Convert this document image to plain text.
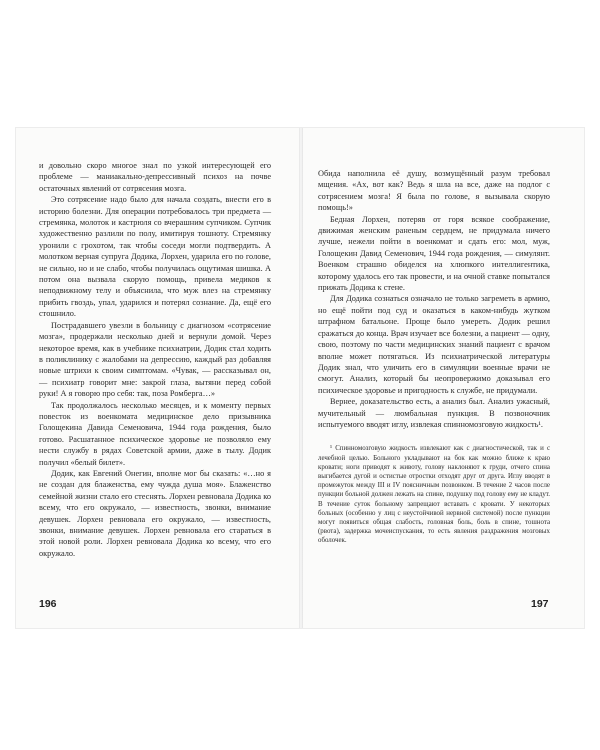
и довольно скоро многое знал по узкой интересующей его проблеме — маниакально-депрессивный психоз на почве остаточных явлений от сотрясения мозга.

Это сотрясение надо было для начала создать, внести его в историю болезни. Для операции потребовалось три предмета — стремянка, молоток и кастрюля со вчерашним супчиком. Супчик художественно разлили по полу, имитируя тошноту. Стремянку уронили с грохотом, так чтобы соседи могли подтвердить. А молотком верная супруга Додика, Лорхен, ударила его по голове, не сильно, но и не слабо, чтобы получилась ощутимая шишка. А потом она вызвала скорую помощь, привела медиков к неподвижному телу и объяснила, что муж влез на стремянку прибить гвоздь, упал, ударился и потерял сознание. Да, ещё его стошнило.

Пострадавшего увезли в больницу с диагнозом «сотрясение мозга», продержали несколько дней и вернули домой. Через некоторое время, как в учебнике психиатрии, Додик стал ходить в поликлинику с жалобами на депрессию, каждый раз добавляя новые штрихи к своим симптомам. «Чувак, — рассказывал он, — психиатр говорит мне: закрой глаза, вытяни перед собой руки! А я говорю про себя: так, поза Ромберга…»

Так продолжалось несколько месяцев, и к моменту первых повесток из военкомата медицинское дело призывника Голощекина Давида Семеновича, 1944 года рождения, было готово. Расшатанное психическое здоровье не позволяло ему нести службу в рядах Советской армии, даже в тылу. Додик получил «белый билет».

Додик, как Евгений Онегин, вполне мог бы сказать: «…но я не создан для блаженства, ему чужда душа моя». Блаженство семейной жизни стало его стеснять. Лорхен ревновала Додика ко всему, что его окружало, — известность, звонки, внимание девушек. Лорхен ревновала его окружало, — известность, звонки, внимание девушек. Лорхен ревновала его стараться в этой новой роли. Лорхен ревновала Додика ко всему, что его окружало.

Обида наполнила её душу, возмущённый разум требовал мщения. «Ах, вот как? Ведь я шла на все, даже на подлог с сотрясением мозга! Я была по голове, я вызывала скорую помощь!»

Бедная Лорхен, потеряв от горя всякое соображение, движимая женским раненым сердцем, не придумала ничего лучше, нежели пойти в военкомат и сдать его: мол, муж, Голощекин Давид Семенович, 1944 года рождения, — симулянт. Военком страшно обиделся на хлюпкого интеллигентика, которому удалось его так провести, и на очной ставке попытался прижать Додика к стене.

Для Додика сознаться означало не только загреметь в армию, но ещё пойти под суд и оказаться в каком-нибудь жутком штрафном батальоне. Проще было умереть. Додик решил сражаться до конца. Врач изучает все болезни, а пациент — одну, свою, поэтому по части медицинских знаний пациент с врачом вполне может потягаться. Из психиатрической литературы Додик знал, что уличить его в симуляции военные врачи не смогут. Анализ, который бы неопровержимо доказывал его психическое здоровье и пригодность к службе, не придумали.

Вернее, доказательство есть, а анализ был. Анализ ужасный, мучительный — люмбальная пункция. В позвоночник испытуемого вводят иглу, извлекая спинномозговую жидкость¹.

¹ Спинномозговую жидкость извлекают как с диагностической, так и с лечебной целью. Больного укладывают на бок как можно ближе к краю кровати; ноги приводят к животу, голову наклоняют к груди, отчего спина выгибается дугой и остистые отростки отходят друг от друга. Иглу вводят в промежуток между III и IV поясничным позвонком. В течение 2 часов после пункции больной должен лежать на спине, подушку под голову ему не кладут. В течение суток больному запрещают вставать с кровати. У некоторых больных (особенно у лиц с неустойчивой нервной системой) после пункции могут появиться общая слабость, головная боль, боль в спине, тошнота (рвота), задержка мочеиспускания, то есть явления раздражения мозговых оболочек.
196	197
